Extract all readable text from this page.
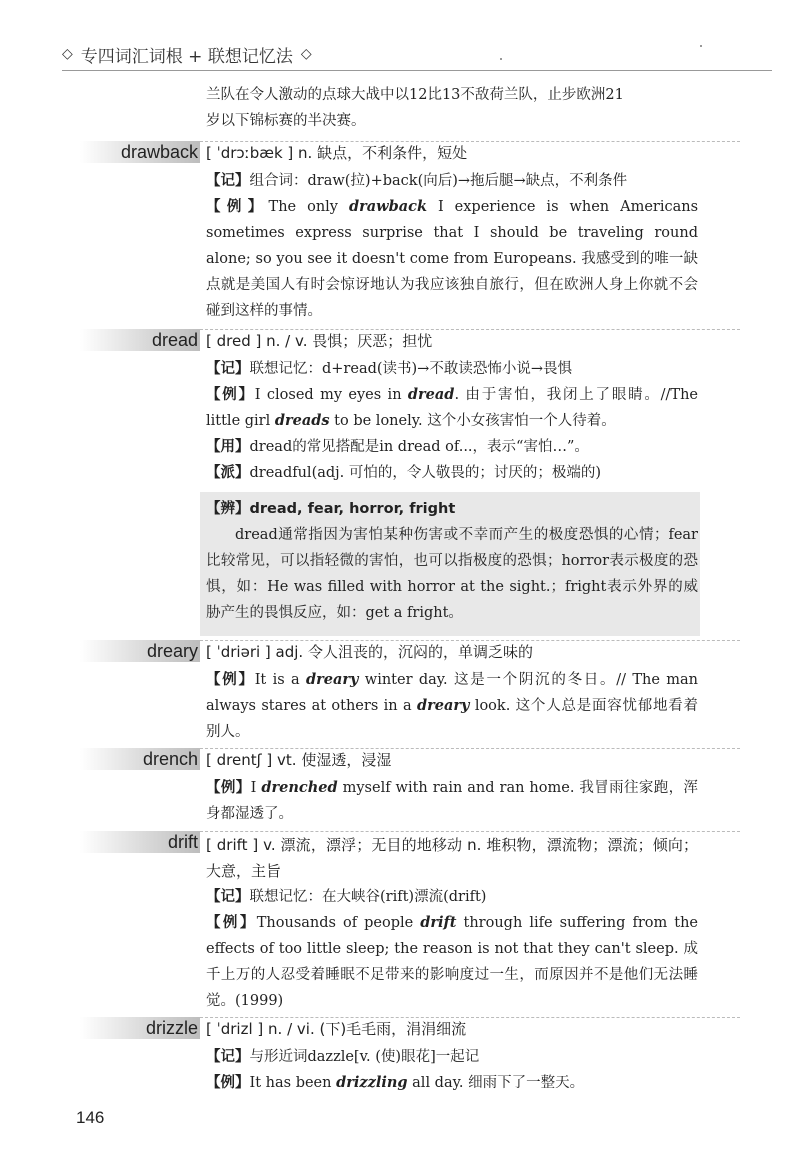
◇ 专四词汇词根 + 联想记忆法 ◇
兰队在令人激动的点球大战中以12比13不敌荷兰队，止步欧洲21
岁以下锦标赛的半决赛。
drawback [ ˈdrɔːbæk ] n. 缺点，不利条件，短处
【记】组合词：draw(拉)+back(向后)→拖后腿→缺点，不利条件
【例】The only drawback I experience is when Americans sometimes express surprise that I should be traveling round alone; so you see it doesn't come from Europeans. 我感受到的唯一缺点就是美国人有时会惊讶地认为我应该独自旅行，但在欧洲人身上你就不会碰到这样的事情。
dread [ dred ] n. / v. 畏惧；厌恶；担忧
【记】联想记忆：d+read(读书)→不敢读恐怖小说→畏惧
【例】I closed my eyes in dread. 由于害怕，我闭上了眼睛。//The little girl dreads to be lonely. 这个小女孩害怕一个人待着。
【用】dread的常见搭配是in dread of...，表示“害怕…”。
【派】dreadful(adj. 可怕的，令人敬畏的；讨厌的；极端的)
【辨】dread, fear, horror, fright
dread通常指因为害怕某种伤害或不幸而产生的极度恐惧的心情；fear比较常见，可以指轻微的害怕，也可以指极度的恐惧；horror表示极度的恐惧，如：He was filled with horror at the sight.；fright表示外界的威胁产生的畏惧反应，如：get a fright。
dreary [ ˈdriəri ] adj. 令人沮丧的，沉闷的，单调乏味的
【例】It is a dreary winter day. 这是一个阴沉的冬日。// The man always stares at others in a dreary look. 这个人总是面容忧郁地看着别人。
drench [ drentʃ ] vt. 使湿透，浸湿
【例】I drenched myself with rain and ran home. 我冒雨往家跑，浑身都湿透了。
drift [ drift ] v. 漂流，漂浮；无目的地移动 n. 堆积物，漂流物；漂流；倾向；大意，主旨
【记】联想记忆：在大峡谷(rift)漂流(drift)
【例】Thousands of people drift through life suffering from the effects of too little sleep; the reason is not that they can't sleep. 成千上万的人忍受着睡眠不足带来的影响度过一生，而原因并不是他们无法睡觉。(1999)
drizzle [ ˈdrizl ] n. / vi. (下)毛毛雨，涓涓细流
【记】与形近词dazzle[v. (使)眼花]一起记
【例】It has been drizzling all day. 细雨下了一整天。
146
